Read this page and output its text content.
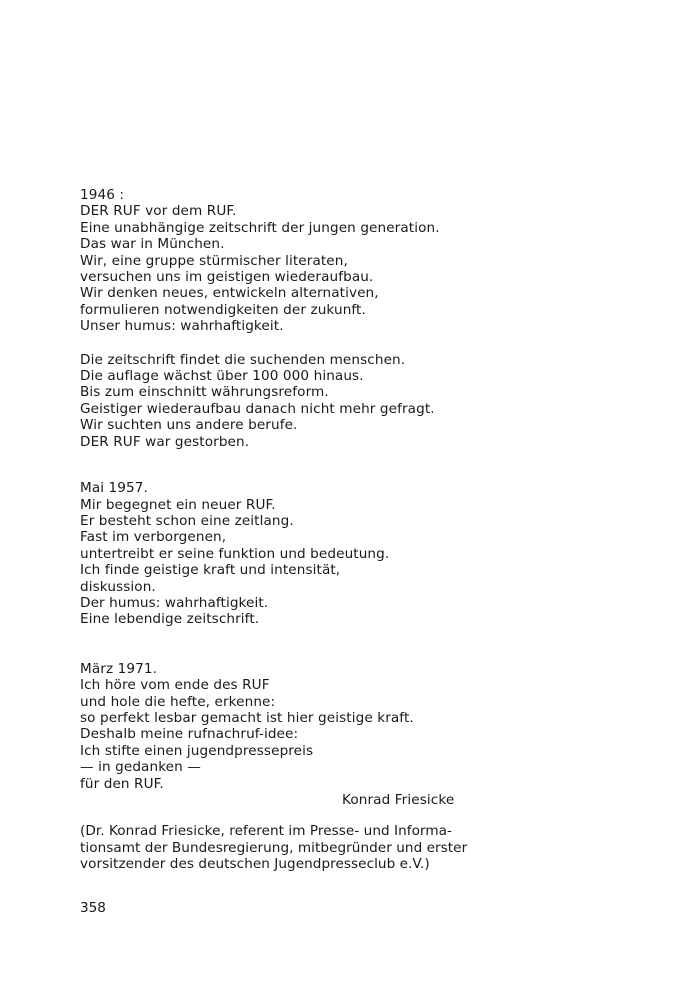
1946 :
DER RUF vor dem RUF.
Eine unabhängige zeitschrift der jungen generation.
Das war in München.
Wir, eine gruppe stürmischer literaten,
versuchen uns im geistigen wiederaufbau.
Wir denken neues, entwickeln alternativen,
formulieren notwendigkeiten der zukunft.
Unser humus: wahrhaftigkeit.
Die zeitschrift findet die suchenden menschen.
Die auflage wächst über 100 000 hinaus.
Bis zum einschnitt währungsreform.
Geistiger wiederaufbau danach nicht mehr gefragt.
Wir suchten uns andere berufe.
DER RUF war gestorben.
Mai 1957.
Mir begegnet ein neuer RUF.
Er besteht schon eine zeitlang.
Fast im verborgenen,
untertreibt er seine funktion und bedeutung.
Ich finde geistige kraft und intensität,
diskussion.
Der humus: wahrhaftigkeit.
Eine lebendige zeitschrift.
März 1971.
Ich höre vom ende des RUF
und hole die hefte, erkenne:
so perfekt lesbar gemacht ist hier geistige kraft.
Deshalb meine rufnachruf-idee:
Ich stifte einen jugendpressepreis
— in gedanken —
für den RUF.
Konrad Friesicke
(Dr. Konrad Friesicke, referent im Presse- und Informa-
tionsamt der Bundesregierung, mitbegründer und erster
vorsitzender des deutschen Jugendpresseclub e.V.)
358
